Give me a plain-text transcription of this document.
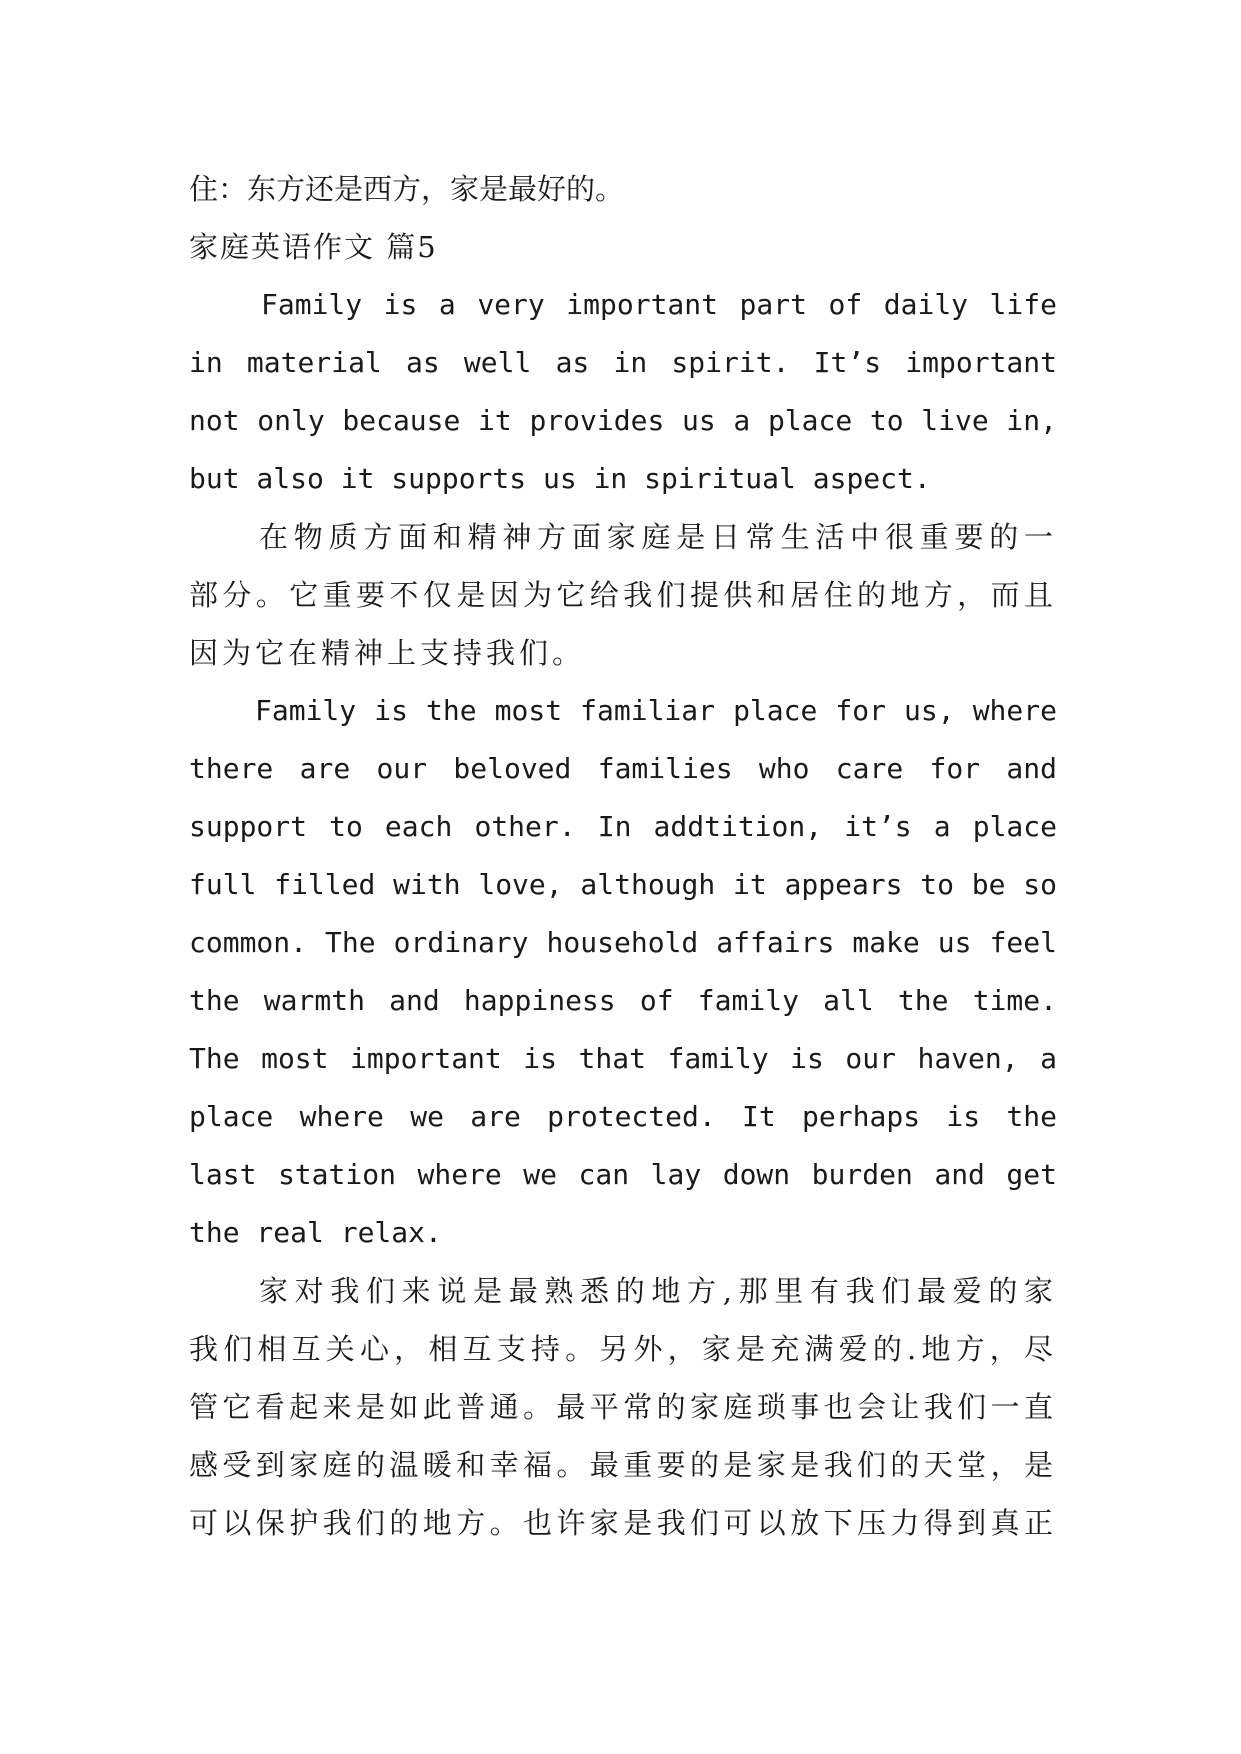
住：东方还是西方，家是最好的。

家庭英语作文 篇5

Family is a very important part of daily life

in material as well as in spirit. It’s important

not only because it provides us a place to live in,

but also it supports us in spiritual aspect.

在物质方面和精神方面家庭是日常生活中很重要的一

部分。它重要不仅是因为它给我们提供和居住的地方，而且

因为它在精神上支持我们。

Family is the most familiar place for us, where

there are our beloved families who care for and

support to each other. In addtition, it’s a place

full filled with love, although it appears to be so

common. The ordinary household affairs make us feel

the warmth and happiness of family all the time.

The most important is that family is our haven, a

place where we are protected. It perhaps is the

last station where we can lay down burden and get

the real relax.

家对我们来说是最熟悉的地方,那里有我们最爱的家

我们相互关心，相互支持。另外，家是充满爱的.地方，尽

管它看起来是如此普通。最平常的家庭琐事也会让我们一直

感受到家庭的温暖和幸福。最重要的是家是我们的天堂，是

可以保护我们的地方。也许家是我们可以放下压力得到真正
